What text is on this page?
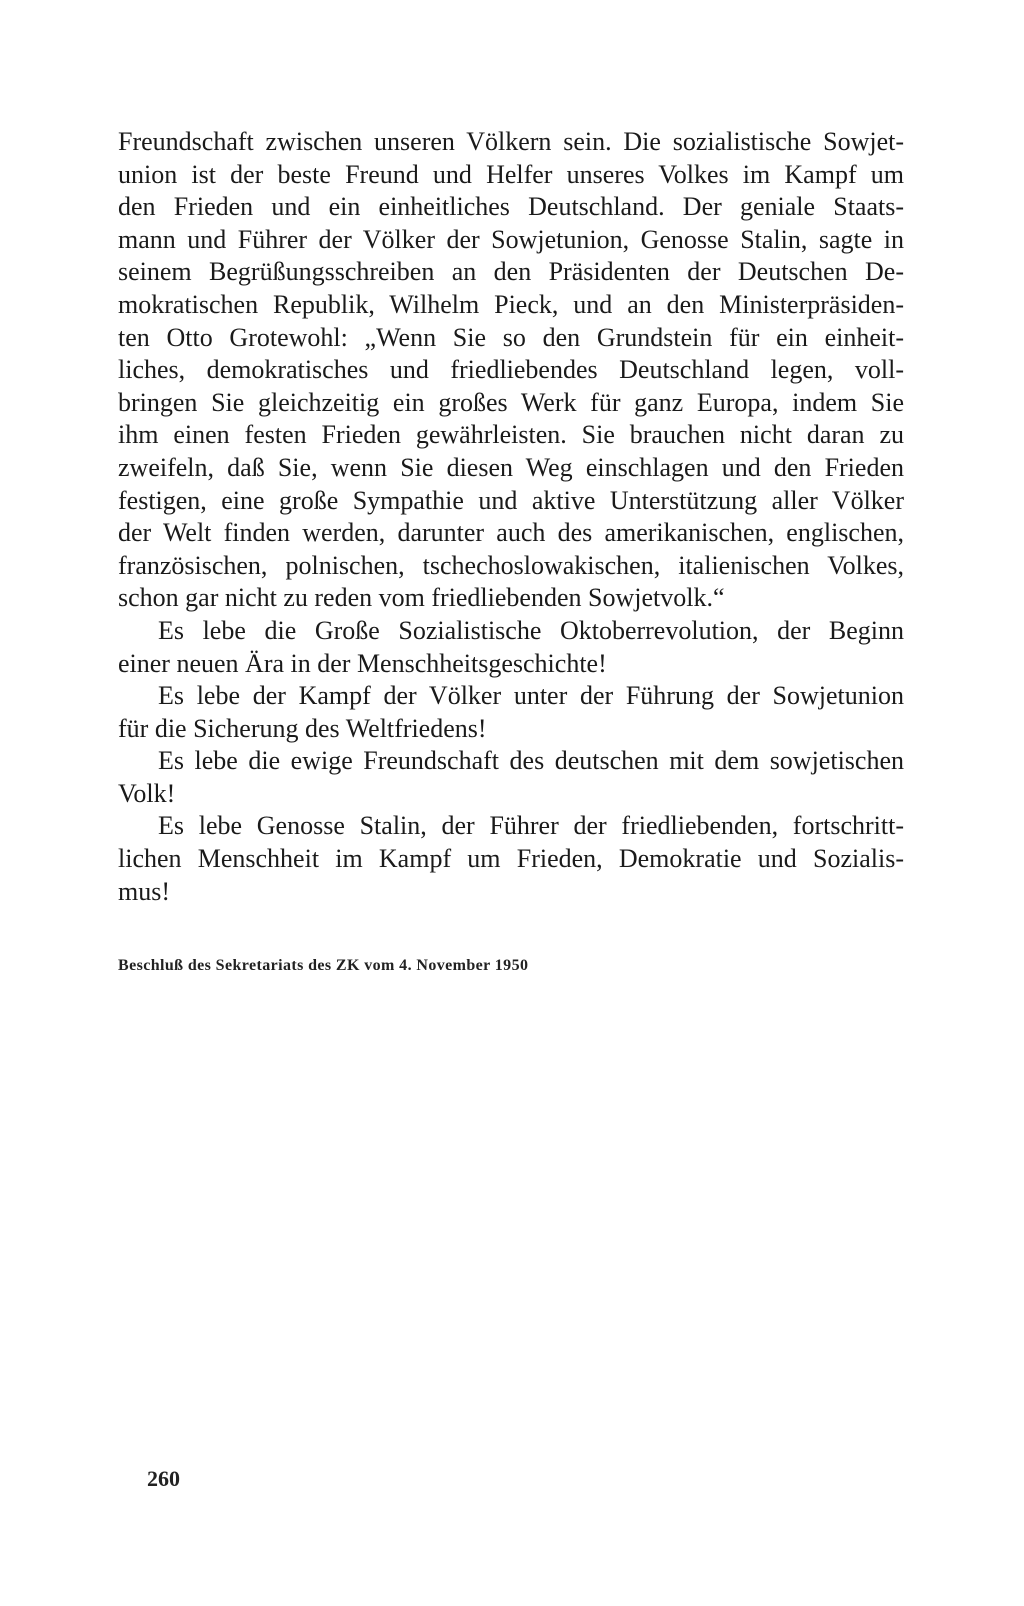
Freundschaft zwischen unseren Völkern sein. Die sozialistische Sowjet-
union ist der beste Freund und Helfer unseres Volkes im Kampf um
den Frieden und ein einheitliches Deutschland. Der geniale Staats-
mann und Führer der Völker der Sowjetunion, Genosse Stalin, sagte in
seinem Begrüßungsschreiben an den Präsidenten der Deutschen De-
mokratischen Republik, Wilhelm Pieck, und an den Ministerpräsiden-
ten Otto Grotewohl: „Wenn Sie so den Grundstein für ein einheit-
liches, demokratisches und friedliebendes Deutschland legen, voll-
bringen Sie gleichzeitig ein großes Werk für ganz Europa, indem Sie
ihm einen festen Frieden gewährleisten. Sie brauchen nicht daran zu
zweifeln, daß Sie, wenn Sie diesen Weg einschlagen und den Frieden
festigen, eine große Sympathie und aktive Unterstützung aller Völker
der Welt finden werden, darunter auch des amerikanischen, englischen,
französischen, polnischen, tschechoslowakischen, italienischen Volkes,
schon gar nicht zu reden vom friedliebenden Sowjetvolk.“
Es lebe die Große Sozialistische Oktoberrevolution, der Beginn
einer neuen Ära in der Menschheitsgeschichte!
Es lebe der Kampf der Völker unter der Führung der Sowjetunion
für die Sicherung des Weltfriedens!
Es lebe die ewige Freundschaft des deutschen mit dem sowjetischen
Volk!
Es lebe Genosse Stalin, der Führer der friedliebenden, fortschritt-
lichen Menschheit im Kampf um Frieden, Demokratie und Sozialis-
mus!
Beschluß des Sekretariats des ZK vom 4. November 1950
260
